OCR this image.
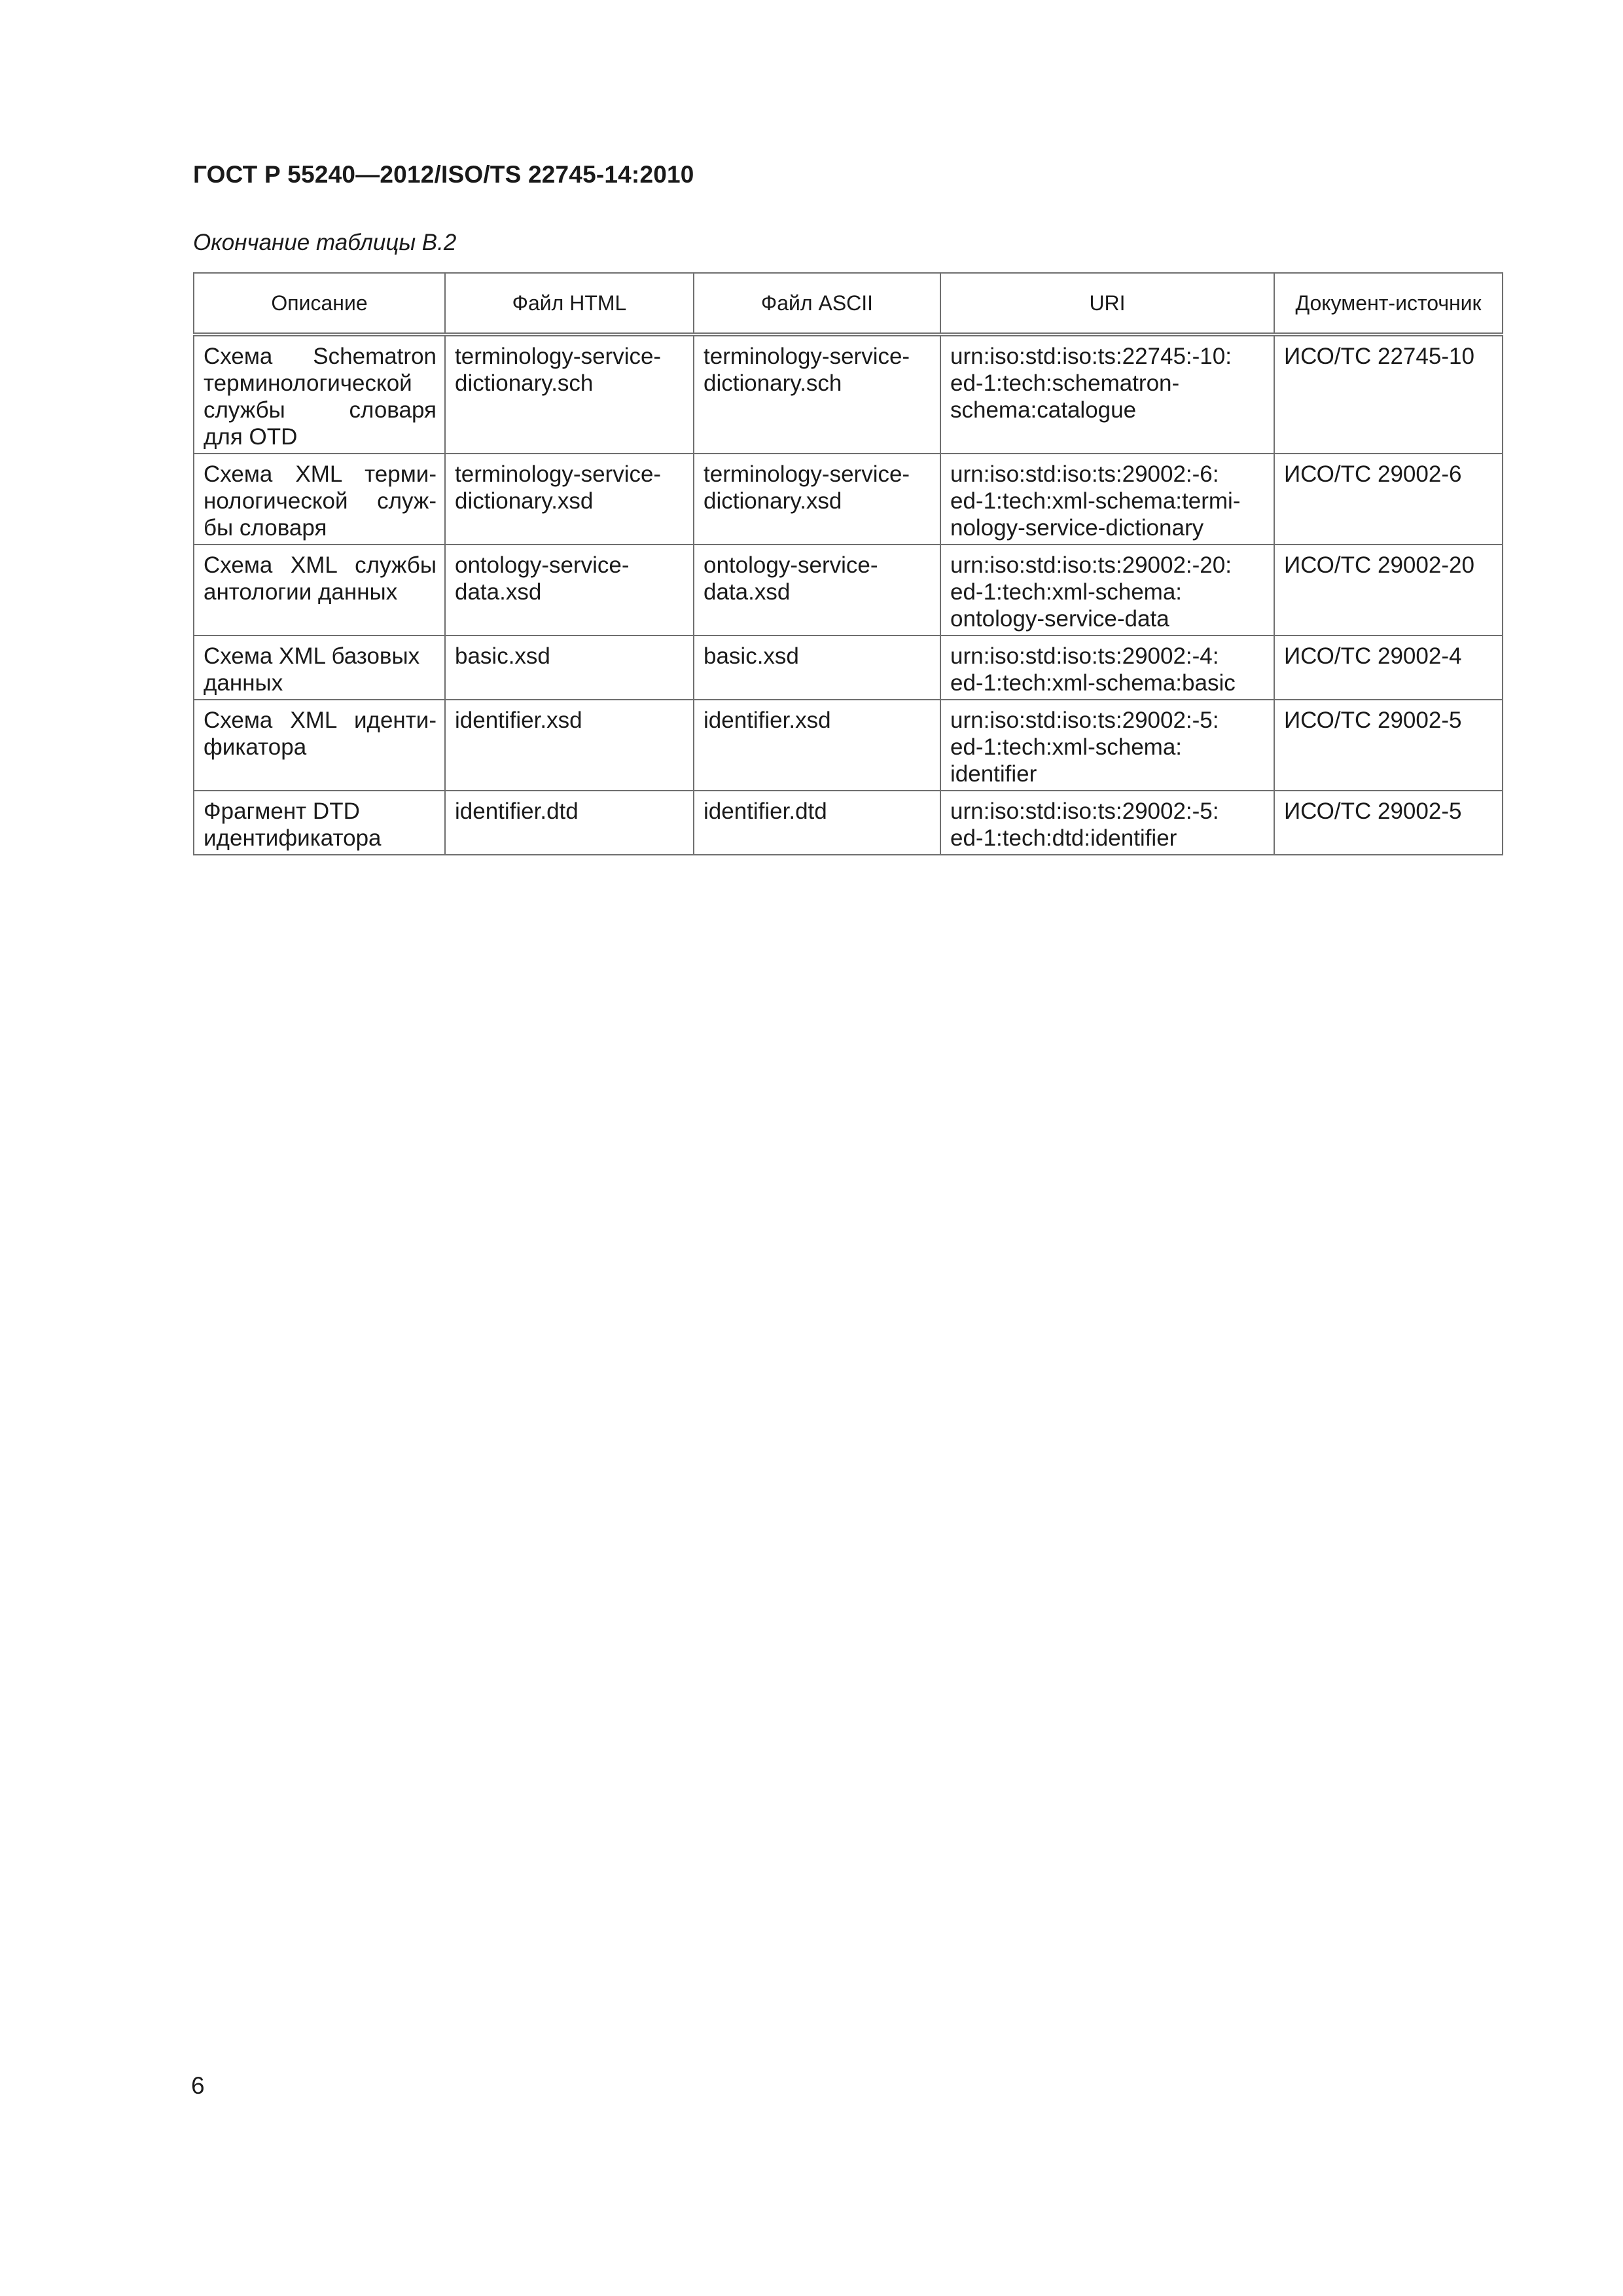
ГОСТ Р 55240—2012/ISO/TS 22745-14:2010
Окончание таблицы В.2
Описание	Файл HTML	Файл ASCII	URI	Документ-источник

Схема Schematron
терминологической
службы словаря
для OTD	terminology-service-
dictionary.sch	terminology-service-
dictionary.sch	urn:iso:std:iso:ts:22745:-10:
ed-1:tech:schematron-
schema:catalogue	ИСО/ТС 22745-10

Схема XML терми-
нологической служ-
бы словаря	terminology-service-
dictionary.xsd	terminology-service-
dictionary.xsd	urn:iso:std:iso:ts:29002:-6:
ed-1:tech:xml-schema:termi-
nology-service-dictionary	ИСО/ТС 29002-6

Схема XML службы
антологии данных	ontology-service-
data.xsd	ontology-service-
data.xsd	urn:iso:std:iso:ts:29002:-20:
ed-1:tech:xml-schema:
ontology-service-data	ИСО/ТС 29002-20

Схема XML базовых
данных	basic.xsd	basic.xsd	urn:iso:std:iso:ts:29002:-4:
ed-1:tech:xml-schema:basic	ИСО/ТС 29002-4

Схема XML иденти-
фикатора	identifier.xsd	identifier.xsd	urn:iso:std:iso:ts:29002:-5:
ed-1:tech:xml-schema:
identifier	ИСО/ТС 29002-5

Фрагмент DTD
идентификатора	identifier.dtd	identifier.dtd	urn:iso:std:iso:ts:29002:-5:
ed-1:tech:dtd:identifier	ИСО/ТС 29002-5
6
